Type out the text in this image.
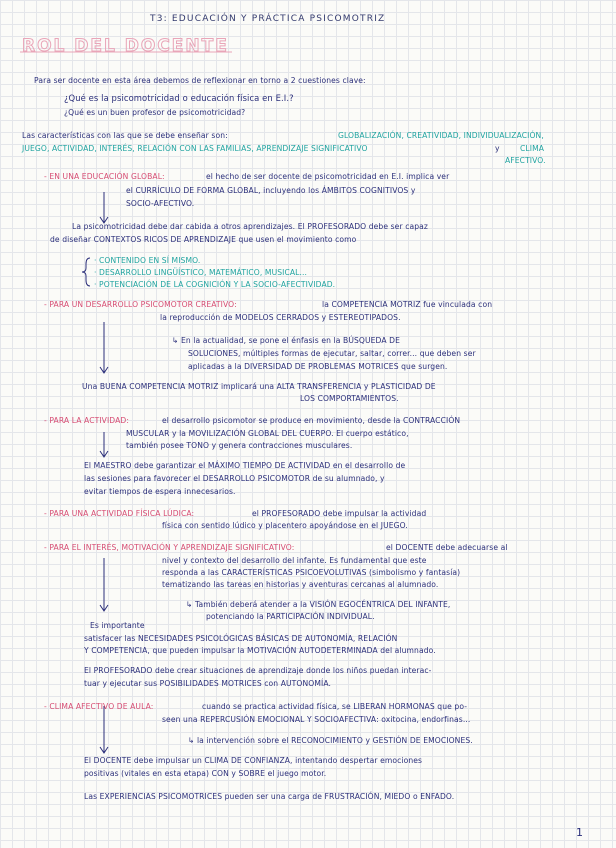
T3: EDUCACIÓN Y PRÁCTICA PSICOMOTRIZ
ROL DEL DOCENTE
Para ser docente en esta área debemos de reflexionar en torno a 2 cuestiones clave:
¿Qué es la psicomotricidad o educación física en E.I.?
¿Qué es un buen profesor de psicomotricidad?
Las características con las que se debe enseñar son:	GLOBALIZACIÓN, CREATIVIDAD, INDIVIDUALIZACIÓN,
JUEGO, ACTIVIDAD, INTERÉS, RELACIÓN CON LAS FAMILIAS, APRENDIZAJE SIGNIFICATIVO	y	CLIMA
AFECTIVO.
- EN UNA EDUCACIÓN GLOBAL:	el hecho de ser docente de psicomotricidad en E.I. implica ver
el CURRÍCULO DE FORMA GLOBAL, incluyendo los ÁMBITOS COGNITIVOS y
SOCIO-AFECTIVO.
La psicomotricidad debe dar cabida a otros aprendizajes. El PROFESORADO debe ser capaz
de diseñar CONTEXTOS RICOS DE APRENDIZAJE que usen el movimiento como
· CONTENIDO EN SÍ MISMO.
· DESARROLLO LINGÜÍSTICO, MATEMÁTICO, MUSICAL...
· POTENCIACIÓN DE LA COGNICIÓN Y LA SOCIO-AFECTIVIDAD.
- PARA UN DESARROLLO PSICOMOTOR CREATIVO:	la COMPETENCIA MOTRIZ fue vinculada con
la reproducción de MODELOS CERRADOS y ESTEREOTIPADOS.
↳ En la actualidad, se pone el énfasis en la BÚSQUEDA DE
SOLUCIONES, múltiples formas de ejecutar, saltar, correr... que deben ser
aplicadas a la DIVERSIDAD DE PROBLEMAS MOTRICES que surgen.
Una BUENA COMPETENCIA MOTRIZ implicará una ALTA TRANSFERENCIA y PLASTICIDAD DE
LOS COMPORTAMIENTOS.
- PARA LA ACTIVIDAD:	el desarrollo psicomotor se produce en movimiento, desde la CONTRACCIÓN
MUSCULAR y la MOVILIZACIÓN GLOBAL DEL CUERPO. El cuerpo estático,
también posee TONO y genera contracciones musculares.
El MAESTRO debe garantizar el MÁXIMO TIEMPO DE ACTIVIDAD en el desarrollo de
las sesiones para favorecer el DESARROLLO PSICOMOTOR de su alumnado, y
evitar tiempos de espera innecesarios.
- PARA UNA ACTIVIDAD FÍSICA LÚDICA:	el PROFESORADO debe impulsar la actividad
física con sentido lúdico y placentero apoyándose en el JUEGO.
- PARA EL INTERÉS, MOTIVACIÓN Y APRENDIZAJE SIGNIFICATIVO:	el DOCENTE debe adecuarse al
nivel y contexto del desarrollo del infante. Es fundamental que este
responda a las CARACTERÍSTICAS PSICOEVOLUTIVAS (simbolismo y fantasía)
tematizando las tareas en historias y aventuras cercanas al alumnado.
↳ También deberá atender a la VISIÓN EGOCÉNTRICA DEL INFANTE,
potenciando la PARTICIPACIÓN INDIVIDUAL.
Es importante
satisfacer las NECESIDADES PSICOLÓGICAS BÁSICAS DE AUTONOMÍA, RELACIÓN
Y COMPETENCIA, que pueden impulsar la MOTIVACIÓN AUTODETERMINADA del alumnado.
El PROFESORADO debe crear situaciones de aprendizaje donde los niños puedan interac-
tuar y ejecutar sus POSIBILIDADES MOTRICES con AUTONOMÍA.
- CLIMA AFECTIVO DE AULA:	cuando se practica actividad física, se LIBERAN HORMONAS que po-
seen una REPERCUSIÓN EMOCIONAL Y SOCIOAFECTIVA: oxitocina, endorfinas...
↳ la intervención sobre el RECONOCIMIENTO y GESTIÓN DE EMOCIONES.
El DOCENTE debe impulsar un CLIMA DE CONFIANZA, intentando despertar emociones
positivas (vitales en esta etapa) CON y SOBRE el juego motor.
Las EXPERIENCIAS PSICOMOTRICES pueden ser una carga de FRUSTRACIÓN, MIEDO o ENFADO.
1
